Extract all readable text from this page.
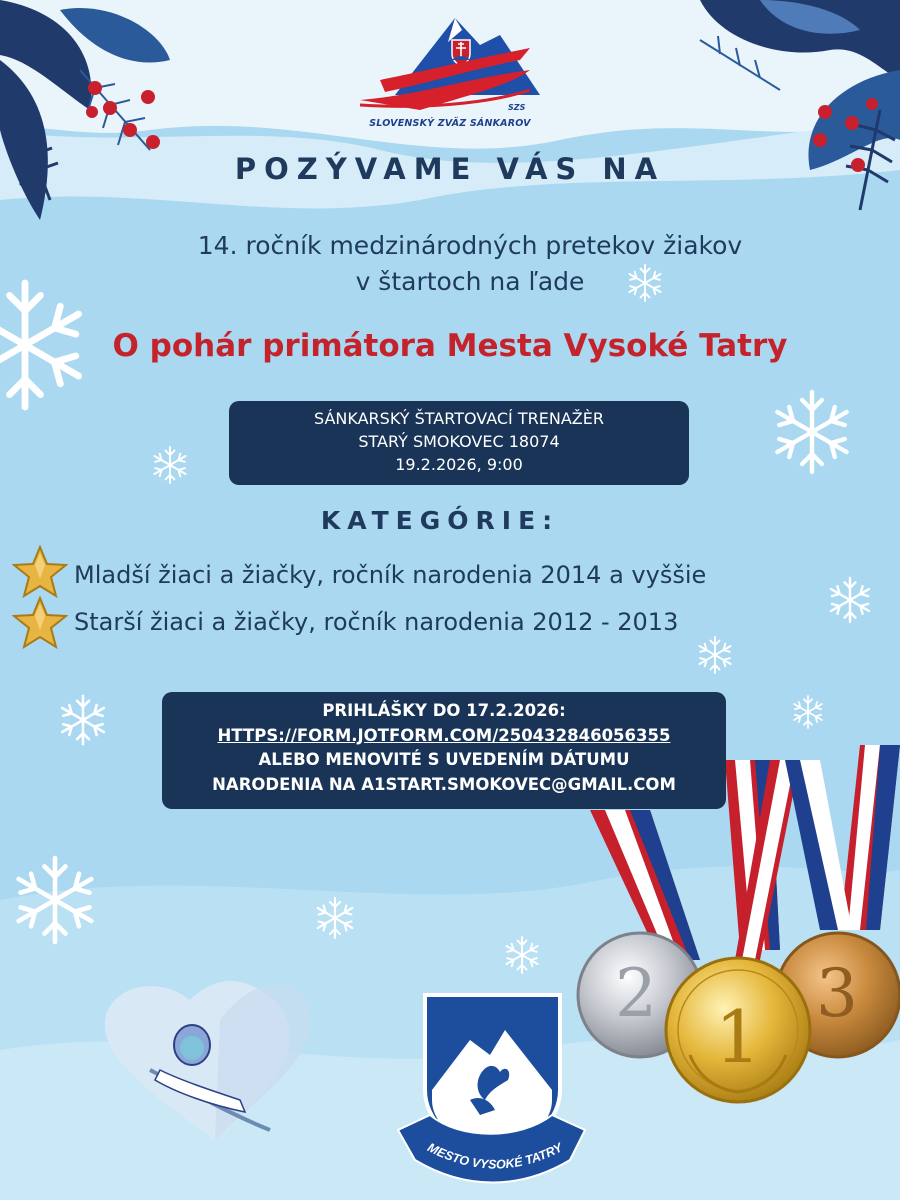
SZS
SLOVENSKÝ ZVÄZ SÁNKAROV
POZÝVAME VÁS NA
14. ročník medzinárodných pretekov žiakov
v štartoch na ľade
O pohár primátora Mesta Vysoké Tatry
SÁNKARSKÝ ŠTARTOVACÍ TRENAŽÈR
STARÝ SMOKOVEC 18074
19.2.2026, 9:00
KATEGÓRIE:
Mladší žiaci a žiačky, ročník narodenia 2014 a vyššie
Starší žiaci a žiačky, ročník narodenia 2012 - 2013
PRIHLÁŠKY DO 17.2.2026:
HTTPS://FORM.JOTFORM.COM/250432846056355
ALEBO MENOVITÉ S UVEDENÍM DÁTUMU
NARODENIA NA A1START.SMOKOVEC@GMAIL.COM
2 3
1
MESTO VYSOKÉ TATRY
